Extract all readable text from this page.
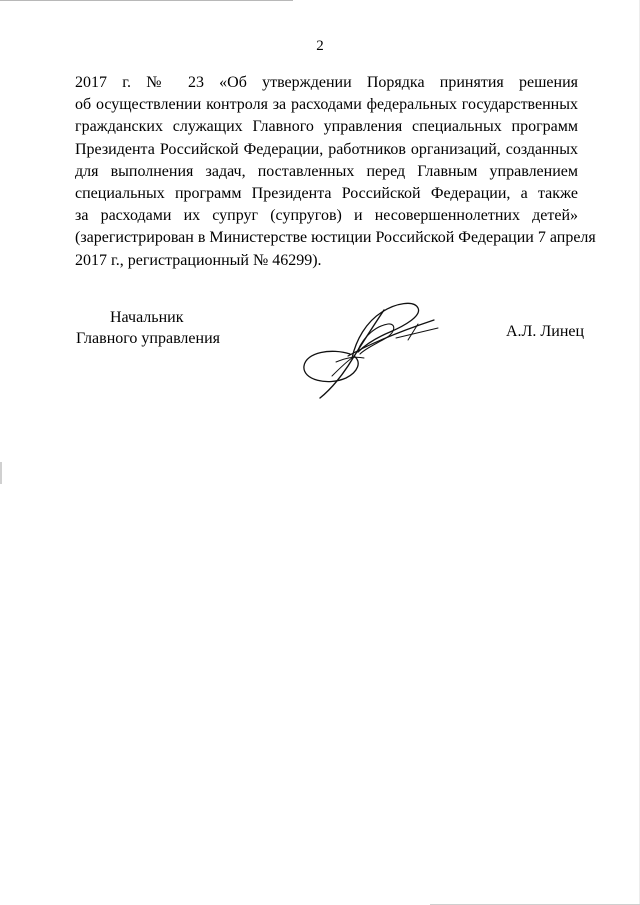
2
2017 г. № 23 «Об утверждении Порядка принятия решения
об осуществлении контроля за расходами федеральных государственных
гражданских служащих Главного управления специальных программ
Президента Российской Федерации, работников организаций, созданных
для выполнения задач, поставленных перед Главным управлением
специальных программ Президента Российской Федерации, а также
за расходами их супруг (супругов) и несовершеннолетних детей»
(зарегистрирован в Министерстве юстиции Российской Федерации 7 апреля
2017 г., регистрационный № 46299).
Начальник
Главного управления	А.Л. Линец
